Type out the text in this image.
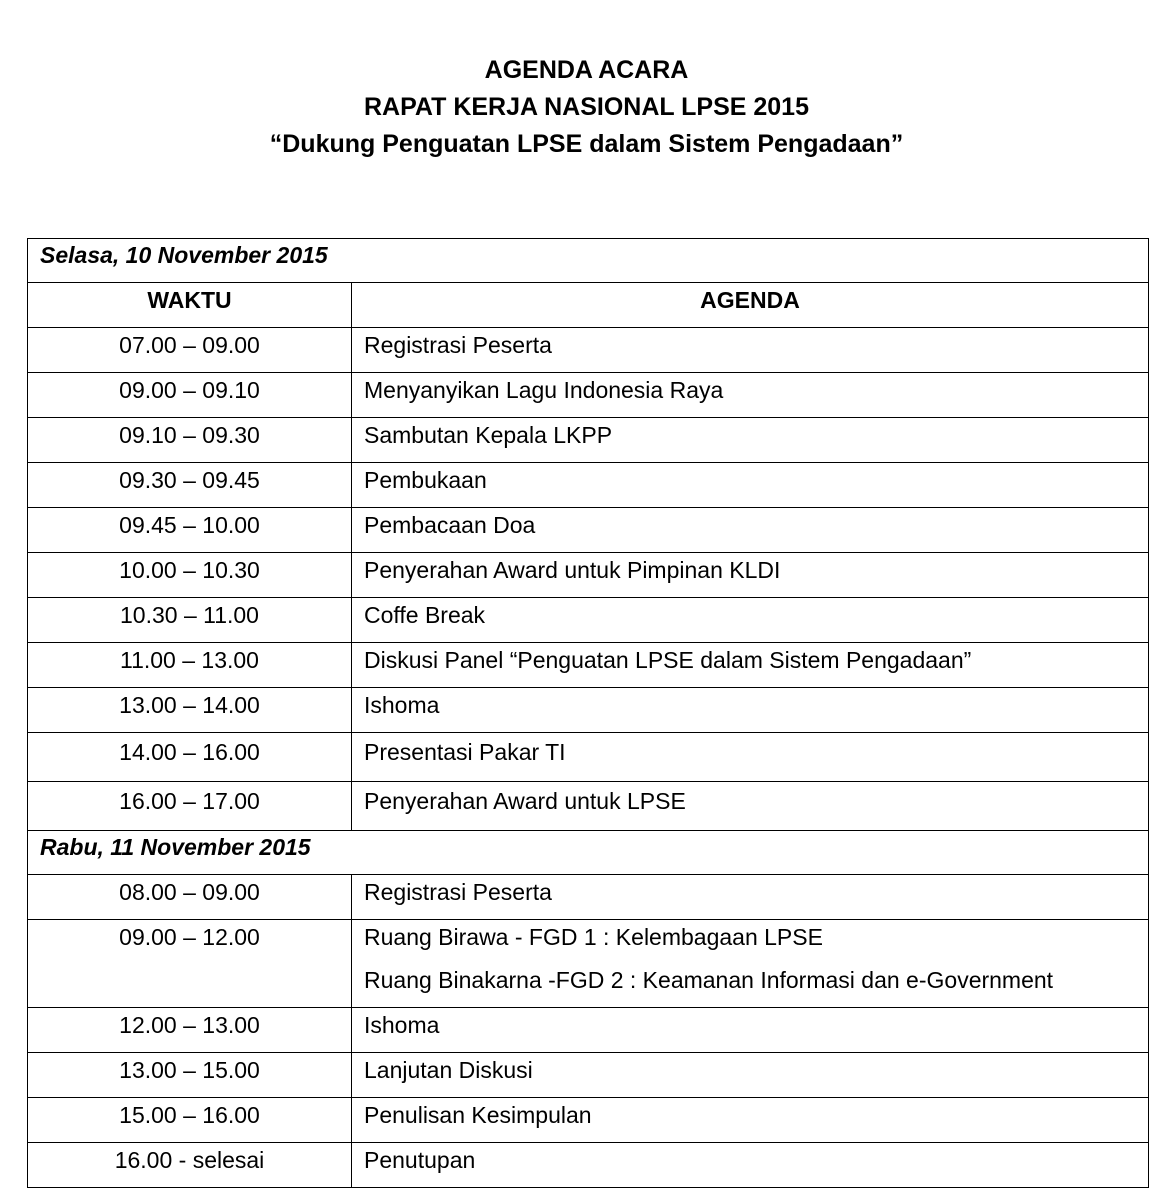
AGENDA ACARA
RAPAT KERJA NASIONAL LPSE 2015
“Dukung Penguatan LPSE dalam Sistem Pengadaan”
Selasa, 10 November 2015	
WAKTU	AGENDA
07.00 – 09.00	Registrasi Peserta
09.00 – 09.10	Menyanyikan Lagu Indonesia Raya
09.10 – 09.30	Sambutan Kepala LKPP
09.30 – 09.45	Pembukaan
09.45 – 10.00	Pembacaan Doa
10.00 – 10.30	Penyerahan Award untuk Pimpinan KLDI
10.30 – 11.00	Coffe Break
11.00 – 13.00	Diskusi Panel “Penguatan LPSE dalam Sistem Pengadaan”
13.00 – 14.00	Ishoma
14.00 – 16.00	Presentasi Pakar TI
16.00 – 17.00	Penyerahan Award untuk LPSE
Rabu, 11 November 2015	
08.00 – 09.00	Registrasi Peserta
09.00 – 12.00	Ruang Birawa - FGD 1 : Kelembagaan LPSE
Ruang Binakarna -FGD 2 : Keamanan Informasi dan e-Government

12.00 – 13.00	Ishoma
13.00 – 15.00	Lanjutan Diskusi
15.00 – 16.00	Penulisan Kesimpulan
16.00 - selesai	Penutupan
